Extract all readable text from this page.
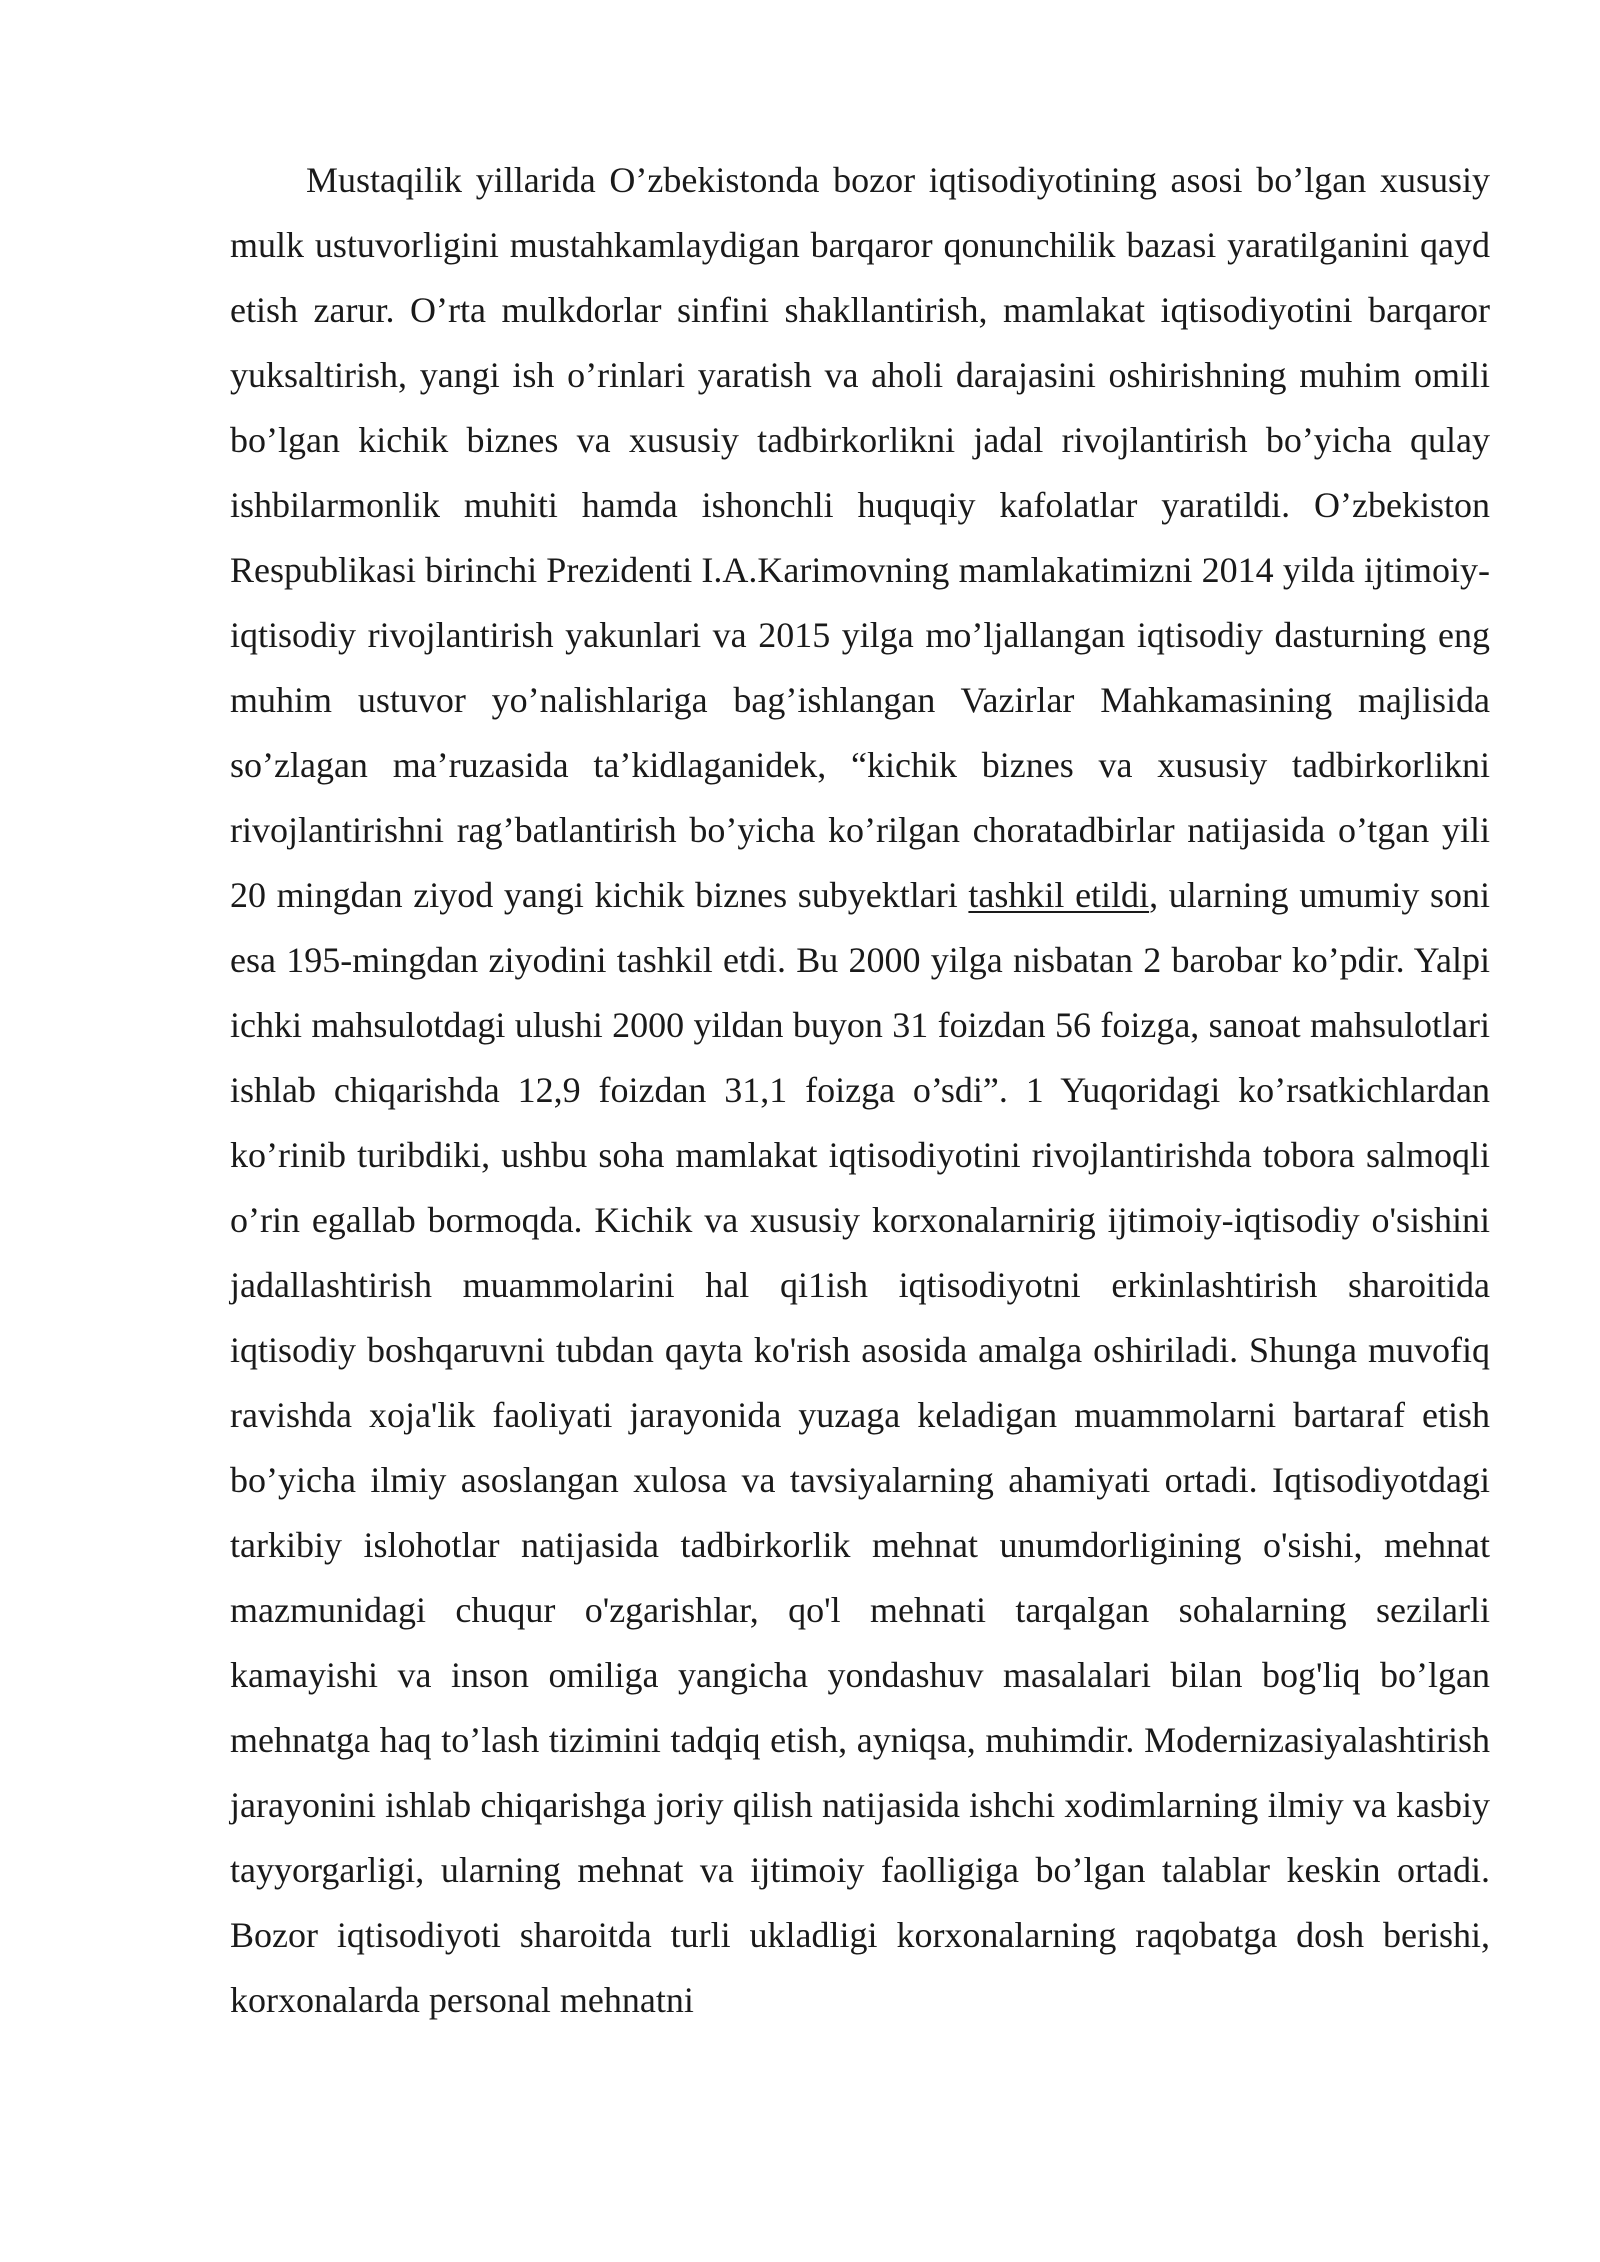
Mustaqilik yillarida O’zbekistonda bozor iqtisodiyotining asosi bo’lgan xususiy mulk ustuvorligini mustahkamlaydigan barqaror qonunchilik bazasi yaratilganini qayd etish zarur. O’rta mulkdorlar sinfini shakllantirish, mamlakat iqtisodiyotini barqaror yuksaltirish, yangi ish o’rinlari yaratish va aholi darajasini oshirishning muhim omili bo’lgan kichik biznes va xususiy tadbirkorlikni jadal rivojlantirish bo’yicha qulay ishbilarmonlik muhiti hamda ishonchli huquqiy kafolatlar yaratildi. O’zbekiston Respublikasi birinchi Prezidenti I.A.Karimovning mamlakatimizni 2014 yilda ijtimoiy-iqtisodiy rivojlantirish yakunlari va 2015 yilga mo’ljallangan iqtisodiy dasturning eng muhim ustuvor yo’nalishlariga bag’ishlangan Vazirlar Mahkamasining majlisida so’zlagan ma’ruzasida ta’kidlaganidek, “kichik biznes va xususiy tadbirkorlikni rivojlantirishni rag’batlantirish bo’yicha ko’rilgan choratadbirlar natijasida o’tgan yili 20 mingdan ziyod yangi kichik biznes subyektlari tashkil etildi, ularning umumiy soni esa 195-mingdan ziyodini tashkil etdi. Bu 2000 yilga nisbatan 2 barobar ko’pdir. Yalpi ichki mahsulotdagi ulushi 2000 yildan buyon 31 foizdan 56 foizga, sanoat mahsulotlari ishlab chiqarishda 12,9 foizdan 31,1 foizga o’sdi”. 1 Yuqoridagi ko’rsatkichlardan ko’rinib turibdiki, ushbu soha mamlakat iqtisodiyotini rivojlantirishda tobora salmoqli o’rin egallab bormoqda. Kichik va xususiy korxonalarnirig ijtimoiy-iqtisodiy o'sishini jadallashtirish muammolarini hal qi1ish iqtisodiyotni erkinlashtirish sharoitida iqtisodiy boshqaruvni tubdan qayta ko'rish asosida amalga oshiriladi. Shunga muvofiq ravishda xoja'lik faoliyati jarayonida yuzaga keladigan muammolarni bartaraf etish bo’yicha ilmiy asoslangan xulosa va tavsiyalarning ahamiyati ortadi. Iqtisodiyotdagi tarkibiy islohotlar natijasida tadbirkorlik mehnat unumdorligining o'sishi, mehnat mazmunidagi chuqur o'zgarishlar, qo'l mehnati tarqalgan sohalarning sezilarli kamayishi va inson omiliga yangicha yondashuv masalalari bilan bog'liq bo’lgan mehnatga haq to’lash tizimini tadqiq etish, ayniqsa, muhimdir. Modernizasiyalashtirish jarayonini ishlab chiqarishga joriy qilish natijasida ishchi xodimlarning ilmiy va kasbiy tayyorgarligi, ularning mehnat va ijtimoiy faolligiga bo’lgan talablar keskin ortadi. Bozor iqtisodiyoti sharoitda turli ukladligi korxonalarning raqobatga dosh berishi, korxonalarda personal mehnatni
